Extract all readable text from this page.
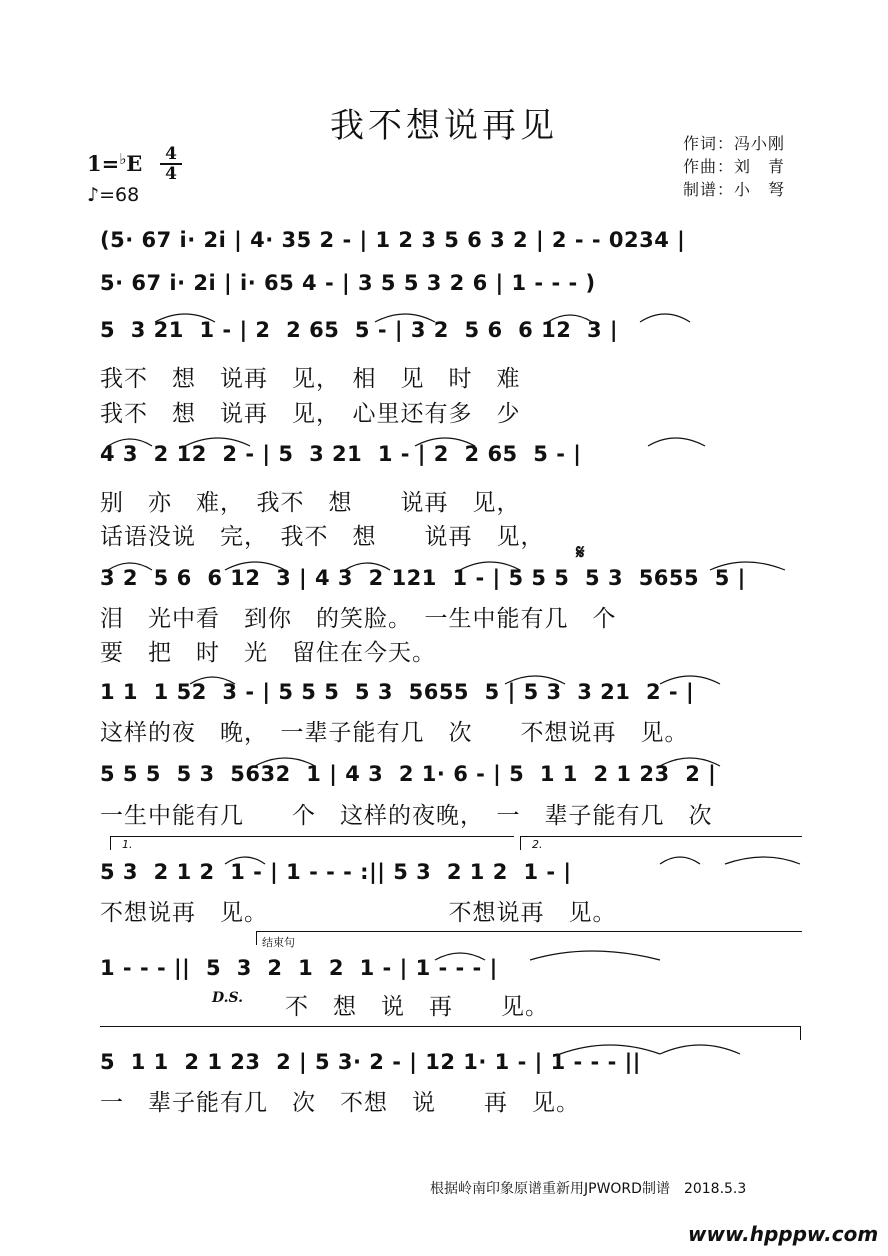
我不想说再见	作词：冯小刚
作曲：刘　青
制谱：小　弩
1=♭E 4
4
♪=68
(5· 67 i· 2i | 4· 35 2 - | 1 2 3 5 6 3 2 | 2 - - 0234 |
5· 67 i· 2i | i· 65 4 - | 3 5 5 3 2 6 | 1 - - - )
5  3 21  1 - | 2  2 65  5 - | 3 2  5 6  6 12  3 |
我不　想　说再　见，　相　见　时　难
我不　想　说再　见，　心里还有多　少
4 3  2 12  2 - | 5  3 21  1 - | 2  2 65  5 - |
别　亦　难，　我不　想　　说再　见，
话语没说　完，　我不　想　　说再　见，
𝄋
3 2  5 6  6 12  3 | 4 3  2 121  1 - | 5 5 5  5 3  5655  5 |
泪　光中看　到你　的笑脸。　一生中能有几　个
要　把　时　光　留住在今天。
1 1  1 52  3 - | 5 5 5  5 3  5655  5 | 5 3  3 21  2 - |
这样的夜　晚，　一辈子能有几　次　　不想说再　见。
5 5 5  5 3  5632  1 | 4 3  2 1· 6 - | 5  1 1  2 1 23  2 |
一生中能有几　　个　这样的夜晚，　一　辈子能有几　次
1.	2.
5 3  2 1 2  1 - | 1 - - - :|| 5 3  2 1 2  1 - |
不想说再　见。　　　　　　　　不想说再　见。
结束句
1 - - - ||  5  3  2  1  2  1 - | 1 - - - |
D.S. 不　想　说　再　　见。
5  1 1  2 1 23  2 | 5 3· 2 - | 12 1· 1 - | 1 - - - ||
一　辈子能有几　次　不想　说　　再　见。
根据岭南印象原谱重新用JPWORD制谱　2018.5.3
www.hpppw.com
